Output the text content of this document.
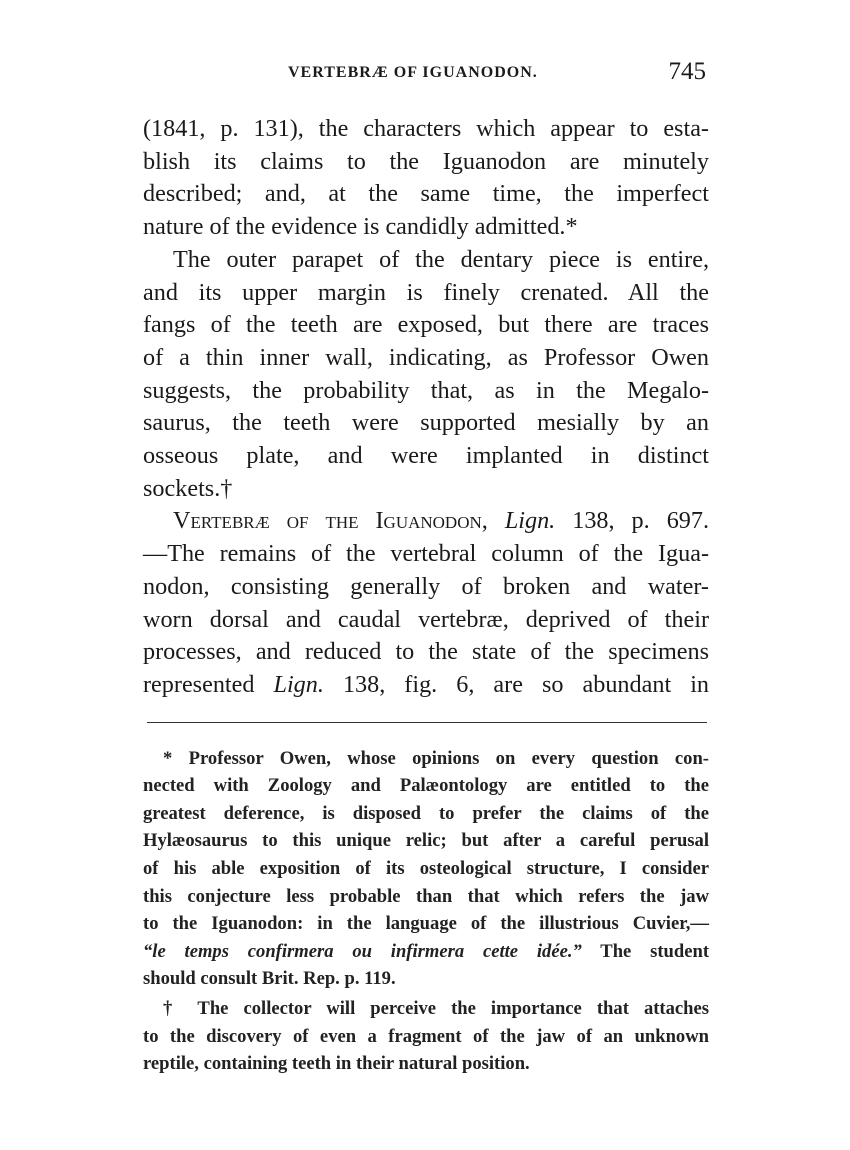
VERTEBRÆ OF IGUANODON.	745

(1841, p. 131), the characters which appear to esta-
blish its claims to the Iguanodon are minutely
described; and, at the same time, the imperfect
nature of the evidence is candidly admitted.*

The outer parapet of the dentary piece is entire,
and its upper margin is finely crenated. All the
fangs of the teeth are exposed, but there are traces
of a thin inner wall, indicating, as Professor Owen
suggests, the probability that, as in the Megalo-
saurus, the teeth were supported mesially by an
osseous plate, and were implanted in distinct
sockets.†

Vertebræ of the Iguanodon, Lign. 138, p. 697.
—The remains of the vertebral column of the Igua-
nodon, consisting generally of broken and water-
worn dorsal and caudal vertebræ, deprived of their
processes, and reduced to the state of the specimens
represented Lign. 138, fig. 6, are so abundant in

* Professor Owen, whose opinions on every question con-
nected with Zoology and Palæontology are entitled to the
greatest deference, is disposed to prefer the claims of the
Hylæosaurus to this unique relic; but after a careful perusal
of his able exposition of its osteological structure, I consider
this conjecture less probable than that which refers the jaw
to the Iguanodon: in the language of the illustrious Cuvier,—
“le temps confirmera ou infirmera cette idée.” The student
should consult Brit. Rep. p. 119.

† The collector will perceive the importance that attaches
to the discovery of even a fragment of the jaw of an unknown
reptile, containing teeth in their natural position.
